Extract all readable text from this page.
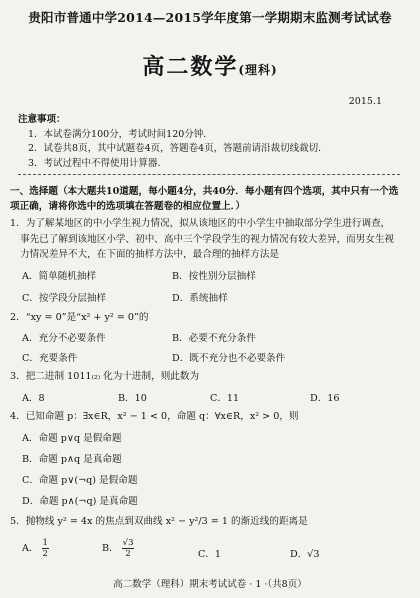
贵阳市普通中学2014—2015学年度第一学期期末监测考试试卷
高二数学(理科)
2015.1
注意事项：
1．本试卷满分100分，考试时间120分钟．
2．试卷共8页，其中试题卷4页，答题卷4页，答题前请沿裁切线裁切．
3．考试过程中不得使用计算器．
一、选择题（本大题共10道题，每小题4分，共40分．每小题有四个选项，其中只有一个选
项正确，请将你选中的选项填在答题卷的相应位置上．）
1．为了解某地区的中小学生视力情况，拟从该地区的中小学生中抽取部分学生进行调查，
事先已了解到该地区小学、初中、高中三个学段学生的视力情况有较大差异，而男女生视
力情况差异不大，在下面的抽样方法中，最合理的抽样方法是
A．简单随机抽样	B．按性别分层抽样
C．按学段分层抽样	D．系统抽样
2．“xy = 0”是“x² + y² = 0”的
A．充分不必要条件	B．必要不充分条件
C．充要条件	D．既不充分也不必要条件
3．把二进制 1011₍₂₎ 化为十进制，则此数为
A．8	B．10	C．11	D．16
4．已知命题 p：∃x∈R，x² − 1 < 0，命题 q：∀x∈R，x² > 0，则
A．命题 p∨q 是假命题
B．命题 p∧q 是真命题
C．命题 p∨(¬q) 是假命题
D．命题 p∧(¬q) 是真命题
5．抛物线 y² = 4x 的焦点到双曲线 x² − y²/3 = 1 的渐近线的距离是
A． $\frac{1}{2}$	B． $\frac{√3}{2}$	C．1	D．√3
高二数学（理科）期末考试试卷 · 1 ·（共8页）
